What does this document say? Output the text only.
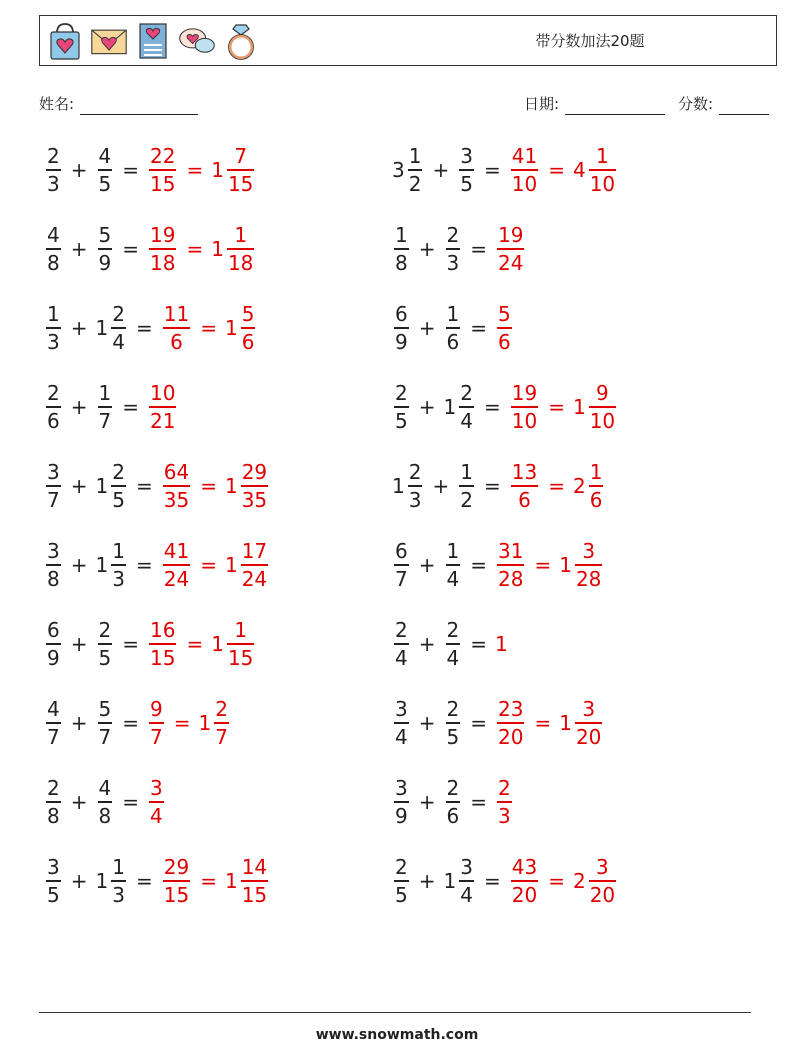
带分数加法20题
姓名:	日期:	分数:
$\frac{2}{3} + \frac{4}{5} = \frac{22}{15} = 1 \frac{7}{15}$	$3 \frac{1}{2} + \frac{3}{5} = \frac{41}{10} = 4 \frac{1}{10}$
$\frac{4}{8} + \frac{5}{9} = \frac{19}{18} = 1 \frac{1}{18}$	$\frac{1}{8} + \frac{2}{3} = \frac{19}{24}$
$\frac{1}{3} + 1 \frac{2}{4} = \frac{11}{6} = 1 \frac{5}{6}$	$\frac{6}{9} + \frac{1}{6} = \frac{5}{6}$
$\frac{2}{6} + \frac{1}{7} = \frac{10}{21}$	$\frac{2}{5} + 1 \frac{2}{4} = \frac{19}{10} = 1 \frac{9}{10}$
$\frac{3}{7} + 1 \frac{2}{5} = \frac{64}{35} = 1 \frac{29}{35}$	$1 \frac{2}{3} + \frac{1}{2} = \frac{13}{6} = 2 \frac{1}{6}$
$\frac{3}{8} + 1 \frac{1}{3} = \frac{41}{24} = 1 \frac{17}{24}$	$\frac{6}{7} + \frac{1}{4} = \frac{31}{28} = 1 \frac{3}{28}$
$\frac{6}{9} + \frac{2}{5} = \frac{16}{15} = 1 \frac{1}{15}$	$\frac{2}{4} + \frac{2}{4} = 1$
$\frac{4}{7} + \frac{5}{7} = \frac{9}{7} = 1 \frac{2}{7}$	$\frac{3}{4} + \frac{2}{5} = \frac{23}{20} = 1 \frac{3}{20}$
$\frac{2}{8} + \frac{4}{8} = \frac{3}{4}$	$\frac{3}{9} + \frac{2}{6} = \frac{2}{3}$
$\frac{3}{5} + 1 \frac{1}{3} = \frac{29}{15} = 1 \frac{14}{15}$	$\frac{2}{5} + 1 \frac{3}{4} = \frac{43}{20} = 2 \frac{3}{20}$
www.snowmath.com
